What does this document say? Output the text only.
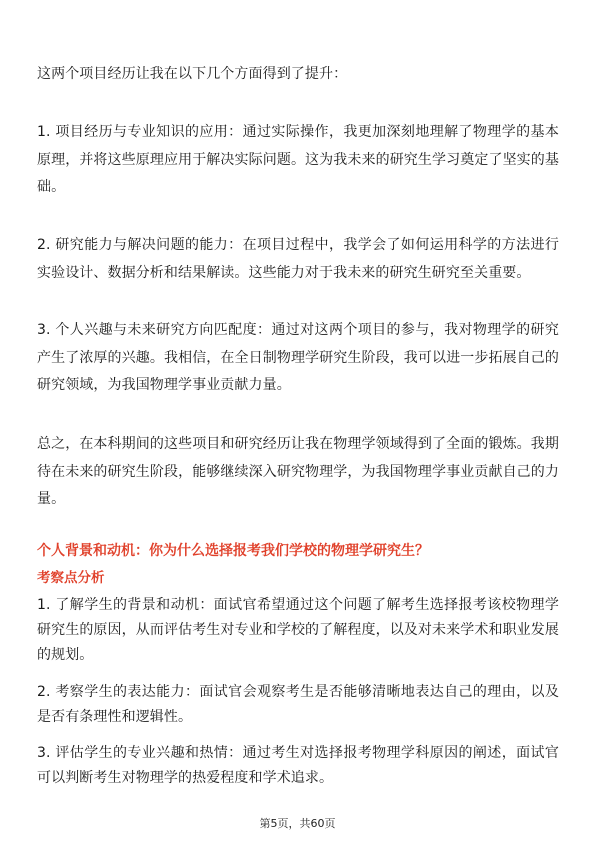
这两个项目经历让我在以下几个方面得到了提升：

1. 项目经历与专业知识的应用：通过实际操作，我更加深刻地理解了物理学的基本原理，并将这些原理应用于解决实际问题。这为我未来的研究生学习奠定了坚实的基础。

2. 研究能力与解决问题的能力：在项目过程中，我学会了如何运用科学的方法进行实验设计、数据分析和结果解读。这些能力对于我未来的研究生研究至关重要。

3. 个人兴趣与未来研究方向匹配度：通过对这两个项目的参与，我对物理学的研究产生了浓厚的兴趣。我相信，在全日制物理学研究生阶段，我可以进一步拓展自己的研究领域，为我国物理学事业贡献力量。

总之，在本科期间的这些项目和研究经历让我在物理学领域得到了全面的锻炼。我期待在未来的研究生阶段，能够继续深入研究物理学，为我国物理学事业贡献自己的力量。

个人背景和动机：你为什么选择报考我们学校的物理学研究生？

考察点分析

1. 了解学生的背景和动机：面试官希望通过这个问题了解考生选择报考该校物理学研究生的原因，从而评估考生对专业和学校的了解程度，以及对未来学术和职业发展的规划。

2. 考察学生的表达能力：面试官会观察考生是否能够清晰地表达自己的理由，以及是否有条理性和逻辑性。

3. 评估学生的专业兴趣和热情：通过考生对选择报考物理学科原因的阐述，面试官可以判断考生对物理学的热爱程度和学术追求。

第5页，共60页
